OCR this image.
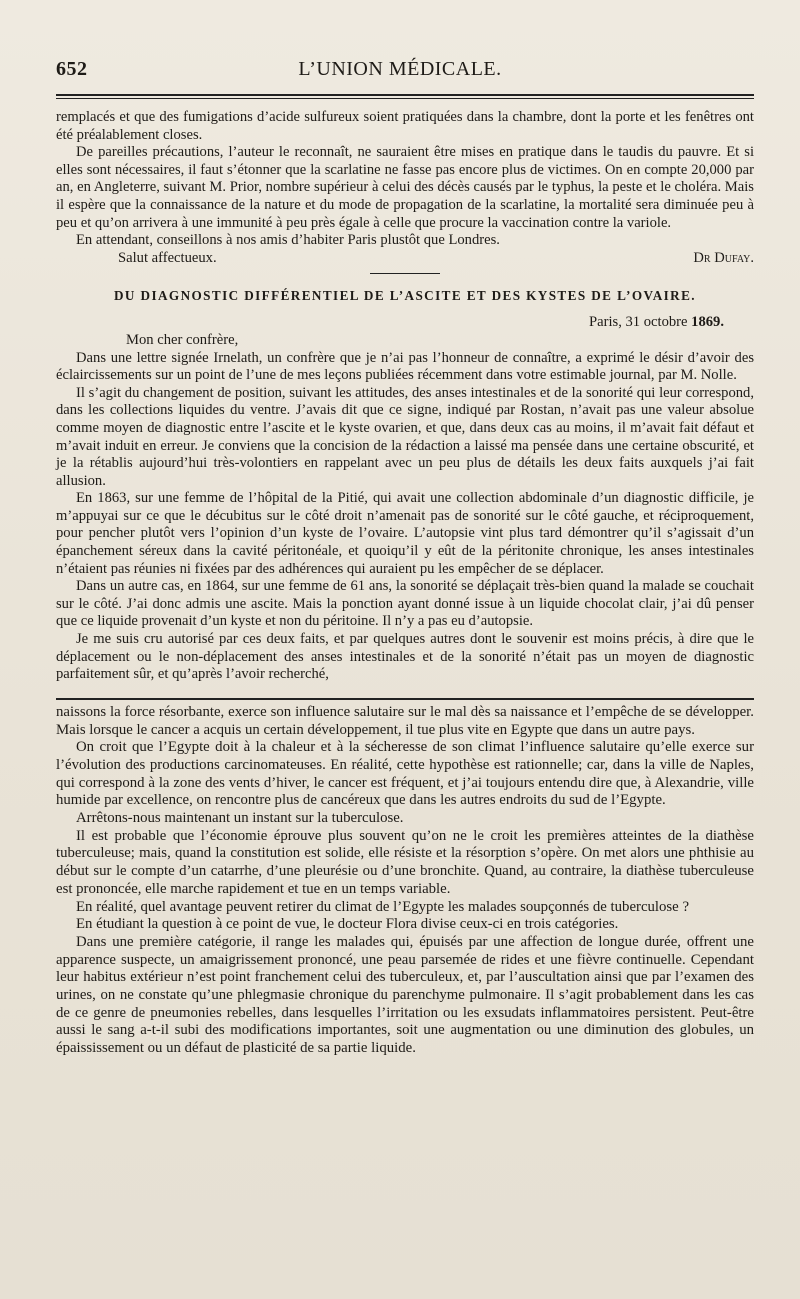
652	L’UNION MÉDICALE.

remplacés et que des fumigations d’acide sulfureux soient pratiquées dans la chambre, dont la porte et les fenêtres ont été préalablement closes.

De pareilles précautions, l’auteur le reconnaît, ne sauraient être mises en pratique dans le taudis du pauvre. Et si elles sont nécessaires, il faut s’étonner que la scarlatine ne fasse pas encore plus de victimes. On en compte 20,000 par an, en Angleterre, suivant M. Prior, nombre supérieur à celui des décès causés par le typhus, la peste et le choléra. Mais il espère que la connaissance de la nature et du mode de propagation de la scarlatine, la mortalité sera diminuée peu à peu et qu’on arrivera à une immunité à peu près égale à celle que procure la vaccination contre la variole.

En attendant, conseillons à nos amis d’habiter Paris plustôt que Londres.

Salut affectueux.	Dr Dufay.
DU DIAGNOSTIC DIFFÉRENTIEL DE L’ASCITE ET DES KYSTES DE L’OVAIRE.
Paris, 31 octobre 1869.
Mon cher confrère,

Dans une lettre signée Irnelath, un confrère que je n’ai pas l’honneur de connaître, a exprimé le désir d’avoir des éclaircissements sur un point de l’une de mes leçons publiées récemment dans votre estimable journal, par M. Nolle.

Il s’agit du changement de position, suivant les attitudes, des anses intestinales et de la sonorité qui leur correspond, dans les collections liquides du ventre. J’avais dit que ce signe, indiqué par Rostan, n’avait pas une valeur absolue comme moyen de diagnostic entre l’ascite et le kyste ovarien, et que, dans deux cas au moins, il m’avait fait défaut et m’avait induit en erreur. Je conviens que la concision de la rédaction a laissé ma pensée dans une certaine obscurité, et je la rétablis aujourd’hui très-volontiers en rappelant avec un peu plus de détails les deux faits auxquels j’ai fait allusion.

En 1863, sur une femme de l’hôpital de la Pitié, qui avait une collection abdominale d’un diagnostic difficile, je m’appuyai sur ce que le décubitus sur le côté droit n’amenait pas de sonorité sur le côté gauche, et réciproquement, pour pencher plutôt vers l’opinion d’un kyste de l’ovaire. L’autopsie vint plus tard démontrer qu’il s’agissait d’un épanchement séreux dans la cavité péritonéale, et quoiqu’il y eût de la péritonite chronique, les anses intestinales n’étaient pas réunies ni fixées par des adhérences qui auraient pu les empêcher de se déplacer.

Dans un autre cas, en 1864, sur une femme de 61 ans, la sonorité se déplaçait très-bien quand la malade se couchait sur le côté. J’ai donc admis une ascite. Mais la ponction ayant donné issue à un liquide chocolat clair, j’ai dû penser que ce liquide provenait d’un kyste et non du péritoine. Il n’y a pas eu d’autopsie.

Je me suis cru autorisé par ces deux faits, et par quelques autres dont le souvenir est moins précis, à dire que le déplacement ou le non-déplacement des anses intestinales et de la sonorité n’était pas un moyen de diagnostic parfaitement sûr, et qu’après l’avoir recherché,

naissons la force résorbante, exerce son influence salutaire sur le mal dès sa naissance et l’empêche de se développer. Mais lorsque le cancer a acquis un certain développement, il tue plus vite en Egypte que dans un autre pays.

On croit que l’Egypte doit à la chaleur et à la sécheresse de son climat l’influence salutaire qu’elle exerce sur l’évolution des productions carcinomateuses. En réalité, cette hypothèse est rationnelle; car, dans la ville de Naples, qui correspond à la zone des vents d’hiver, le cancer est fréquent, et j’ai toujours entendu dire que, à Alexandrie, ville humide par excellence, on rencontre plus de cancéreux que dans les autres endroits du sud de l’Egypte.

Arrêtons-nous maintenant un instant sur la tuberculose.

Il est probable que l’économie éprouve plus souvent qu’on ne le croit les premières atteintes de la diathèse tuberculeuse; mais, quand la constitution est solide, elle résiste et la résorption s’opère. On met alors une phthisie au début sur le compte d’un catarrhe, d’une pleurésie ou d’une bronchite. Quand, au contraire, la diathèse tuberculeuse est prononcée, elle marche rapidement et tue en un temps variable.

En réalité, quel avantage peuvent retirer du climat de l’Egypte les malades soupçonnés de tuberculose ?

En étudiant la question à ce point de vue, le docteur Flora divise ceux-ci en trois catégories.

Dans une première catégorie, il range les malades qui, épuisés par une affection de longue durée, offrent une apparence suspecte, un amaigrissement prononcé, une peau parsemée de rides et une fièvre continuelle. Cependant leur habitus extérieur n’est point franchement celui des tuberculeux, et, par l’auscultation ainsi que par l’examen des urines, on ne constate qu’une phlegmasie chronique du parenchyme pulmonaire. Il s’agit probablement dans les cas de ce genre de pneumonies rebelles, dans lesquelles l’irritation ou les exsudats inflammatoires persistent. Peut-être aussi le sang a-t-il subi des modifications importantes, soit une augmentation ou une diminution des globules, un épaississement ou un défaut de plasticité de sa partie liquide.
